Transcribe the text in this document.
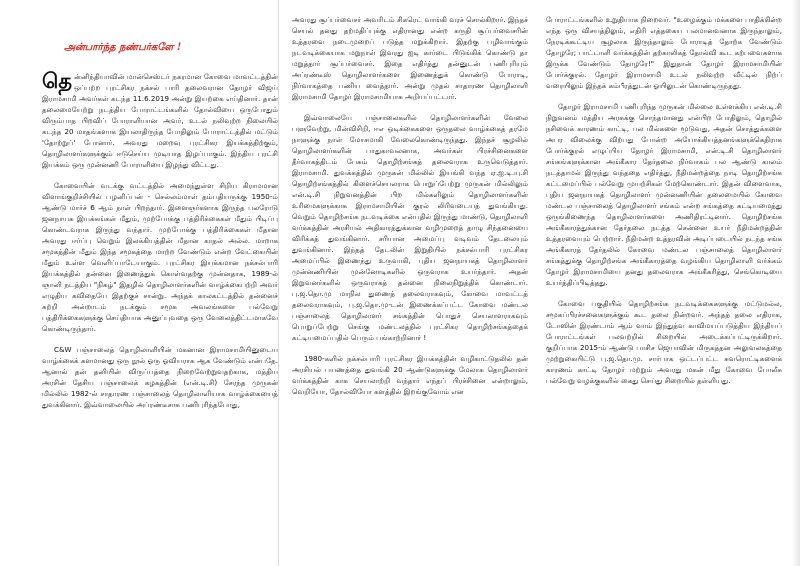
அன்பார்ந்த நண்பர்களே !

தென்னிந்தியாவின் மான்செஸ்டர் நகரமான கோவை மாவட்டத்தின் ஒப்பற்ற புரட்சிகர நக்சல் பாரி தலைவரான தோழர் விஜய் இராமசாமி அவர்கள் கடந்த 11.6.2019 அன்று இயற்கை எய்தினார். தான் தலைமையேற்று நடத்திய போராட்டங்களில் தோல்வியை ஒருபோதும் விரும்பாத பிறவிப் போராளியான அவர், உடல் நலிவுற்ற நிலையில் கடந்த 20 மாதங்களாக இயலாதிருந்த போதிலும் போராட்டத்தில் மட்டும் 'தோற்றுப்' போனார். அவரது மறைவு புரட்சிகர இயக்கத்திற்கும், தொழிலாளர்களுக்கும் ஈடுசெய்ய முடியாத இழப்பாகும். இந்திய புரட்சி இயக்கம் ஒரு முன்னணி போராளியை இழந்து விட்டது.

கோவையின் வடக்கு வட்டத்தில் அமைந்துள்ள சிறிய கிராமமான விளாங்குறிச்சியில் பழனிப்பன் - செல்லம்மாள் தம்பதியருக்கு 1950-ம் ஆண்டு மார்ச் 6 ஆம் நாள் பிறந்தார். இளைஞர்களாக இருந்த பலரோடு ஜனநாயக இயக்கங்கள் மீதும், முற்போக்கு பத்திரிக்கைகள் மீதும் பிடிப்பு கொண்டவராக இருந்து வந்தார். முற்போக்கு பத்திரிக்கைகள் மீதான அவரது ஈர்ப்பு வெறும் இலக்கியத்தின் மீதான காதல் அல்ல. மாறாக சமூகத்தின் மீதும் இந்த சமூகத்தை மாற்ற வேண்டும் என்ற வேட்கையின் மீதும் உள்ள வெளிப்பாடேயாகும். புரட்சிகர இயக்கமான நக்சல்பாரி இயக்கத்தில் தன்னை இணைத்துக் கொள்வதற்கு முன்னதாக, 1989-ல் ஞானி நடத்திய "நிகழ்" இதழில் தொழிலாளர்களின் வாழ்க்கைபற்றி அவர் எழுதிய கவிதையே இதற்குச் சான்று. அந்தக் காலகட்டத்தில் தன்னைச் சுற்றி அன்றாடம் நடக்கும் சமூக அவலங்களை பல்வேறு பத்திரிக்கைகளுக்கு செய்தியாக அனுப்புவதை ஒரு வேலைத்திட்டமாகவே கொண்டிருந்தார்.

C&W பஞ்சாலைத் தொழிலாளியின் மகனான இராமசாமியினுடைய வாழ்க்கைக் களமானது ஒரு நூல் ஓரு ஓவியராக ஆக வேண்டும் என்பதே. ஆனால் தன் தனியின் விருப்பத்தை நிறைவேற்றுவதற்காக, மத்திய அரசின் தேசிய பஞ்சாலைக் கழகத்தின் (என்.டி.சி) சேரந்த முருகன் மில்லில் 1982-ல் சாதாரண பஞ்சாலைத் தொழிலாளியாக வாழ்க்கையைத் துவக்கினார். இவ்வாலையில் அப்ரண்டீசாக பணிபுரிந்தபோது,

அவரது சூப்பர்வைசர் அவரிடம் சிகரெட் வாங்கி வரச் சொல்கிறார். இந்தச் செயல் தனது தற்மதிப்புக்கு எதிரானது என்ற கருதி சூப்பர்வைசரின் உத்தரவை நடைமுறைப் படுத்த மறுக்கிறார். இதற்கு பழிவாங்கும் நடவடிக்கையாக மறுநாள் இவரது ஐடி கார்டை பிடுங்கிக் கொண்டு தா மறுத்தார் சூப்பர்வைசர். இதை எதிர்த்து தன்னுடன் பணிபுரியும் அப்ரண்டீஸ் தொழிலாளர்களை இணைத்துக் கொண்டு போராடி, நிர்வாகத்தை பணிய வைத்தார். அன்று முதல் சாதாரண தொழிலாளி இராமசாமி தோழர் இராமசாமியாக அறியப்பட்டார்.

இவ்வாலையே பஞ்சாலைகளில் தொழிலாளர்களின் வேலை பளுவேற்று, மின்விசிறி, ஈஎ ஒடிக்கைகளை ஒருதலை வாழ்க்கைத் தரமே நாளுக்கு நாள் மோசமாகி வேலைகொண்டிருந்தது. இந்தச் சூழலில் தொழிலாளர்களின் பாதுகாவலனாக, அவர்கள் பிரச்சினைகளை தீர்வாகத்திடம் பேசும் தொழிற்சங்கத் தலைவராக உருவெடுத்தார். இராமசாமி. துவக்கத்தில் முருகன் மில்லில் இயங்கி வந்த ஏ.ஐ.டி.யு.சி தொழிற்சங்கத்தில் கிளைச்செயலராக பொறுப்பேற்று முருகன் மில்லிலும் என்.டி.சி நிறுவனத்தின் பிற மில்களிலும் தொழிலாளர்களின் உரிமைகளுக்காக இராமசாமியின் குரல் லிரிவடையத் துவங்கியது. வெறும் தொழிற்சங்க நடவடிக்கை என்பதில் இருந்து மாண்டு, தொழிலாளி வர்க்கத்தின் அரசியல் அதிகாரத்துக்கான வழிமுறைத் தாழு சிந்தனையை விரிக்கத் துவங்கினார். சரியான அமைப்பு வடிவம் தேடலையும் துவங்கினார். இந்தத் தேடலின் இறுதியில் நக்சல்பாரி புரட்சிகர அமைப்பில் இணைந்து உருவாகி, புதிய ஜனநாயகத் தொழிலாளர் முன்னணியின் முன்னோடிகளில் ஒருவராக உயர்ந்தார். அதன் இறுவனர்களில் ஒருவராகத் தன்னை நிலைநிறுத்திக் கொண்டார். பு.ஜ.தொ.மு மாநில துணைத் தலைவராகவும், கோவை மாவட்டத் தலைவராகவும், பு.ஜ.தொ.மு-டன் இணைக்கப்பட்ட கோவை மண்டல பஞ்சாலைத் தொழிலாளர் சங்கத்தின் பொதுச் செயலாளராகவும் பொறுப்பேற்று செங்கு மண்டலத்தில் புரட்சிகர தொழிற்சங்கத்தைக் கட்டியமைப்பதில் பெரும் பங்காற்றினார் !

1980-களில் நக்சல்பாரி புரட்சிகர இயக்கத்தின் வழிகாட்டுதலில் தன் அரசியல் பயணத்தை துவங்கி 20 ஆண்டுகளுக்கு மேலாக தொழிலாளர் வர்க்கத்தின் காக செயலாற்றி வந்தார் எந்தப் பிரச்சினை என்றாலும், வெறியோ, தோல்வியோ களத்தில் இறங்குவோம் என

போராட்டங்களில் உறுதியாக நிறைவர். "உழைக்கும் மக்களை பாதிக்கின்ற எந்த ஒரு விசயத்திலும், எதிரி எத்தகைய பலமானவனாக இருந்தாலும், நேரடிக்கூட்டிய சூழலாக இருந்தாலும் போராடித் தோற்க வேண்டும் தோழரே; பாட்டாளி வர்க்கத்தின் தற்காலிகத் தோல்வி கூட கற்பவைகளாக இருக்க வேண்டும் தோழரே!" இதுதான் தோழர் இராமசாமியின் போர்க்குரல். தோழர் இராமசாமி உடல் நலிவுற்ற வீட்டில் நிற்ப் வரையிலும் இந்தக் கம்பீரத்துடன் ஓயிலுடன் கொண்டிருந்தது.

தோழர் இராமசாமி பணிபுரிந்த முருகன் மில்லை உள்ளக்கிய என்.டி.சி நிறுவனம் மத்திய அரசுக்கு சொந்தமானது என்பிற போதிலும், தொழில் நசிவைக் காரணம் காட்டி, பல மில்களை மூடுவது, அதன் சொத்துக்களை அபர விலைக்கு விற்பது போன்ற அயோக்கியத்தனங்களுக்கெதிராக போர்க்குரல் எழுப்பிய தோழர் இராமசாமி, என்.டி.சி தொழிலாளர் சங்கங்களுக்கான அங்கீகார தேர்தலை நிர்வாகம் பல ஆண்டு காலம் நடத்தாமல் இருந்து வந்ததை எதிர்த்து, நீதிமன்றத்தை நாடி தொழிற்சங்க கட்டமைப்பில் பல்வேறு முயற்சிகள் மேற்கொண்டார். இதன் விளைவாக, புதிய ஜனநாயகத் தொழிலாளர் முன்னணியின் தலைமையில் கோவை மண்டல பஞ்சாலைத் தொழிலாளர் சங்கம் என்ற சங்கத்தை கட்டியமைத்து ஒருங்கிணைந்த தொழிலாளர்களை அணிதிரட்டினார். தொழிற்சங்க அங்கீகாரத்துக்கான தேர்தலை நடத்த சென்னை உயர் நீதிமன்றத்தின் உத்தரவையும் பெற்றார். நீதிமன்ற உத்தரவின் அடிப்படையில் நடந்த சங்க அங்கீகாரத் தேர்தலில் கோவை மண்டல பஞ்சாலைத் தொழிலாளர் சங்கத்துக்கு தொழிற்சங்க அங்கீகாரத்தை வழங்கிய தொழிலாளி வர்க்கம் தோழர் இராமசாமியை தனது தலைவராக அங்கீகரித்து, செங்கொடியை உயர்த்திப்பிடித்தது.

கோவை பகுதியில் தொழிற்சங்க நடவடிக்கைகளுக்கு மட்டுமல்ல, சமூகப்பிரச்சனைகளுக்கும் கூட தலை நின்றவர். அந்தத் தலை எதிராக, டோஸின் இரண்டாம் ஆம் வாம் இந்துத்வ காவிமயப்படுத்திய இந்தியப் போராட்டங்கள் பலவற்றில் சிறையில் அடைக்கப்பட்டிருக்கிறார். குறிப்பாக 2015-ம் ஆண்டு பாசிச ஜெயாவின் மிருகத்தன அலுவலகத்தை முற்றுகையிட்டு பு.ஜ.தொ.மு. சார்பாக ஒட்டப்பட்ட சுவரொட்டிகளைக் காரணம் காட்டி தோழர் மற்றும் அவரது மகன் மீது கோவை போலீசு பல்வேறு வழக்குகளில் கைது செய்து சிறையில் தள்ளியது.
